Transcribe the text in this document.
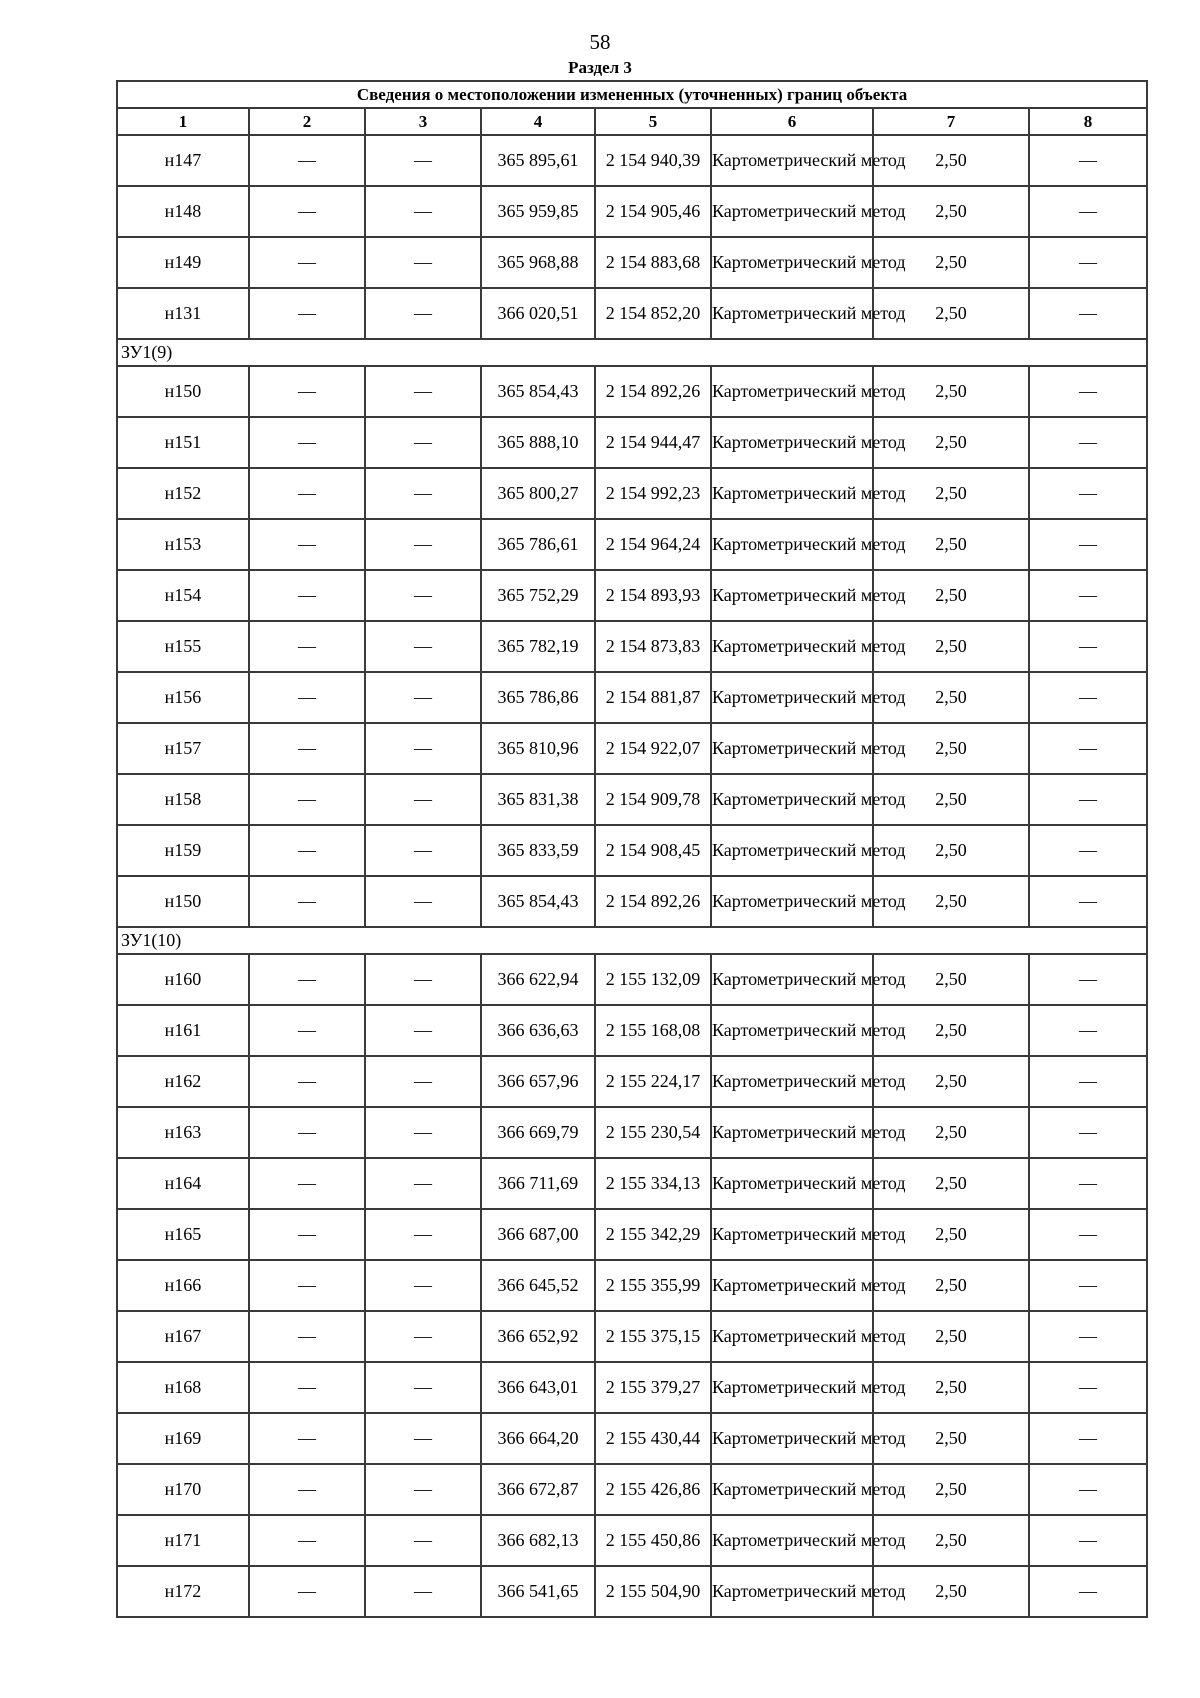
58
Раздел 3
Сведения о местоположении измененных (уточненных) границ объекта							
1	2	3	4	5	6	7	8
н147	—	—	365 895,61	2 154 940,39	Картометрический метод	2,50	—
н148	—	—	365 959,85	2 154 905,46	Картометрический метод	2,50	—
н149	—	—	365 968,88	2 154 883,68	Картометрический метод	2,50	—
н131	—	—	366 020,51	2 154 852,20	Картометрический метод	2,50	—
ЗУ1(9)							
н150	—	—	365 854,43	2 154 892,26	Картометрический метод	2,50	—
н151	—	—	365 888,10	2 154 944,47	Картометрический метод	2,50	—
н152	—	—	365 800,27	2 154 992,23	Картометрический метод	2,50	—
н153	—	—	365 786,61	2 154 964,24	Картометрический метод	2,50	—
н154	—	—	365 752,29	2 154 893,93	Картометрический метод	2,50	—
н155	—	—	365 782,19	2 154 873,83	Картометрический метод	2,50	—
н156	—	—	365 786,86	2 154 881,87	Картометрический метод	2,50	—
н157	—	—	365 810,96	2 154 922,07	Картометрический метод	2,50	—
н158	—	—	365 831,38	2 154 909,78	Картометрический метод	2,50	—
н159	—	—	365 833,59	2 154 908,45	Картометрический метод	2,50	—
н150	—	—	365 854,43	2 154 892,26	Картометрический метод	2,50	—
ЗУ1(10)							
н160	—	—	366 622,94	2 155 132,09	Картометрический метод	2,50	—
н161	—	—	366 636,63	2 155 168,08	Картометрический метод	2,50	—
н162	—	—	366 657,96	2 155 224,17	Картометрический метод	2,50	—
н163	—	—	366 669,79	2 155 230,54	Картометрический метод	2,50	—
н164	—	—	366 711,69	2 155 334,13	Картометрический метод	2,50	—
н165	—	—	366 687,00	2 155 342,29	Картометрический метод	2,50	—
н166	—	—	366 645,52	2 155 355,99	Картометрический метод	2,50	—
н167	—	—	366 652,92	2 155 375,15	Картометрический метод	2,50	—
н168	—	—	366 643,01	2 155 379,27	Картометрический метод	2,50	—
н169	—	—	366 664,20	2 155 430,44	Картометрический метод	2,50	—
н170	—	—	366 672,87	2 155 426,86	Картометрический метод	2,50	—
н171	—	—	366 682,13	2 155 450,86	Картометрический метод	2,50	—
н172	—	—	366 541,65	2 155 504,90	Картометрический метод	2,50	—
